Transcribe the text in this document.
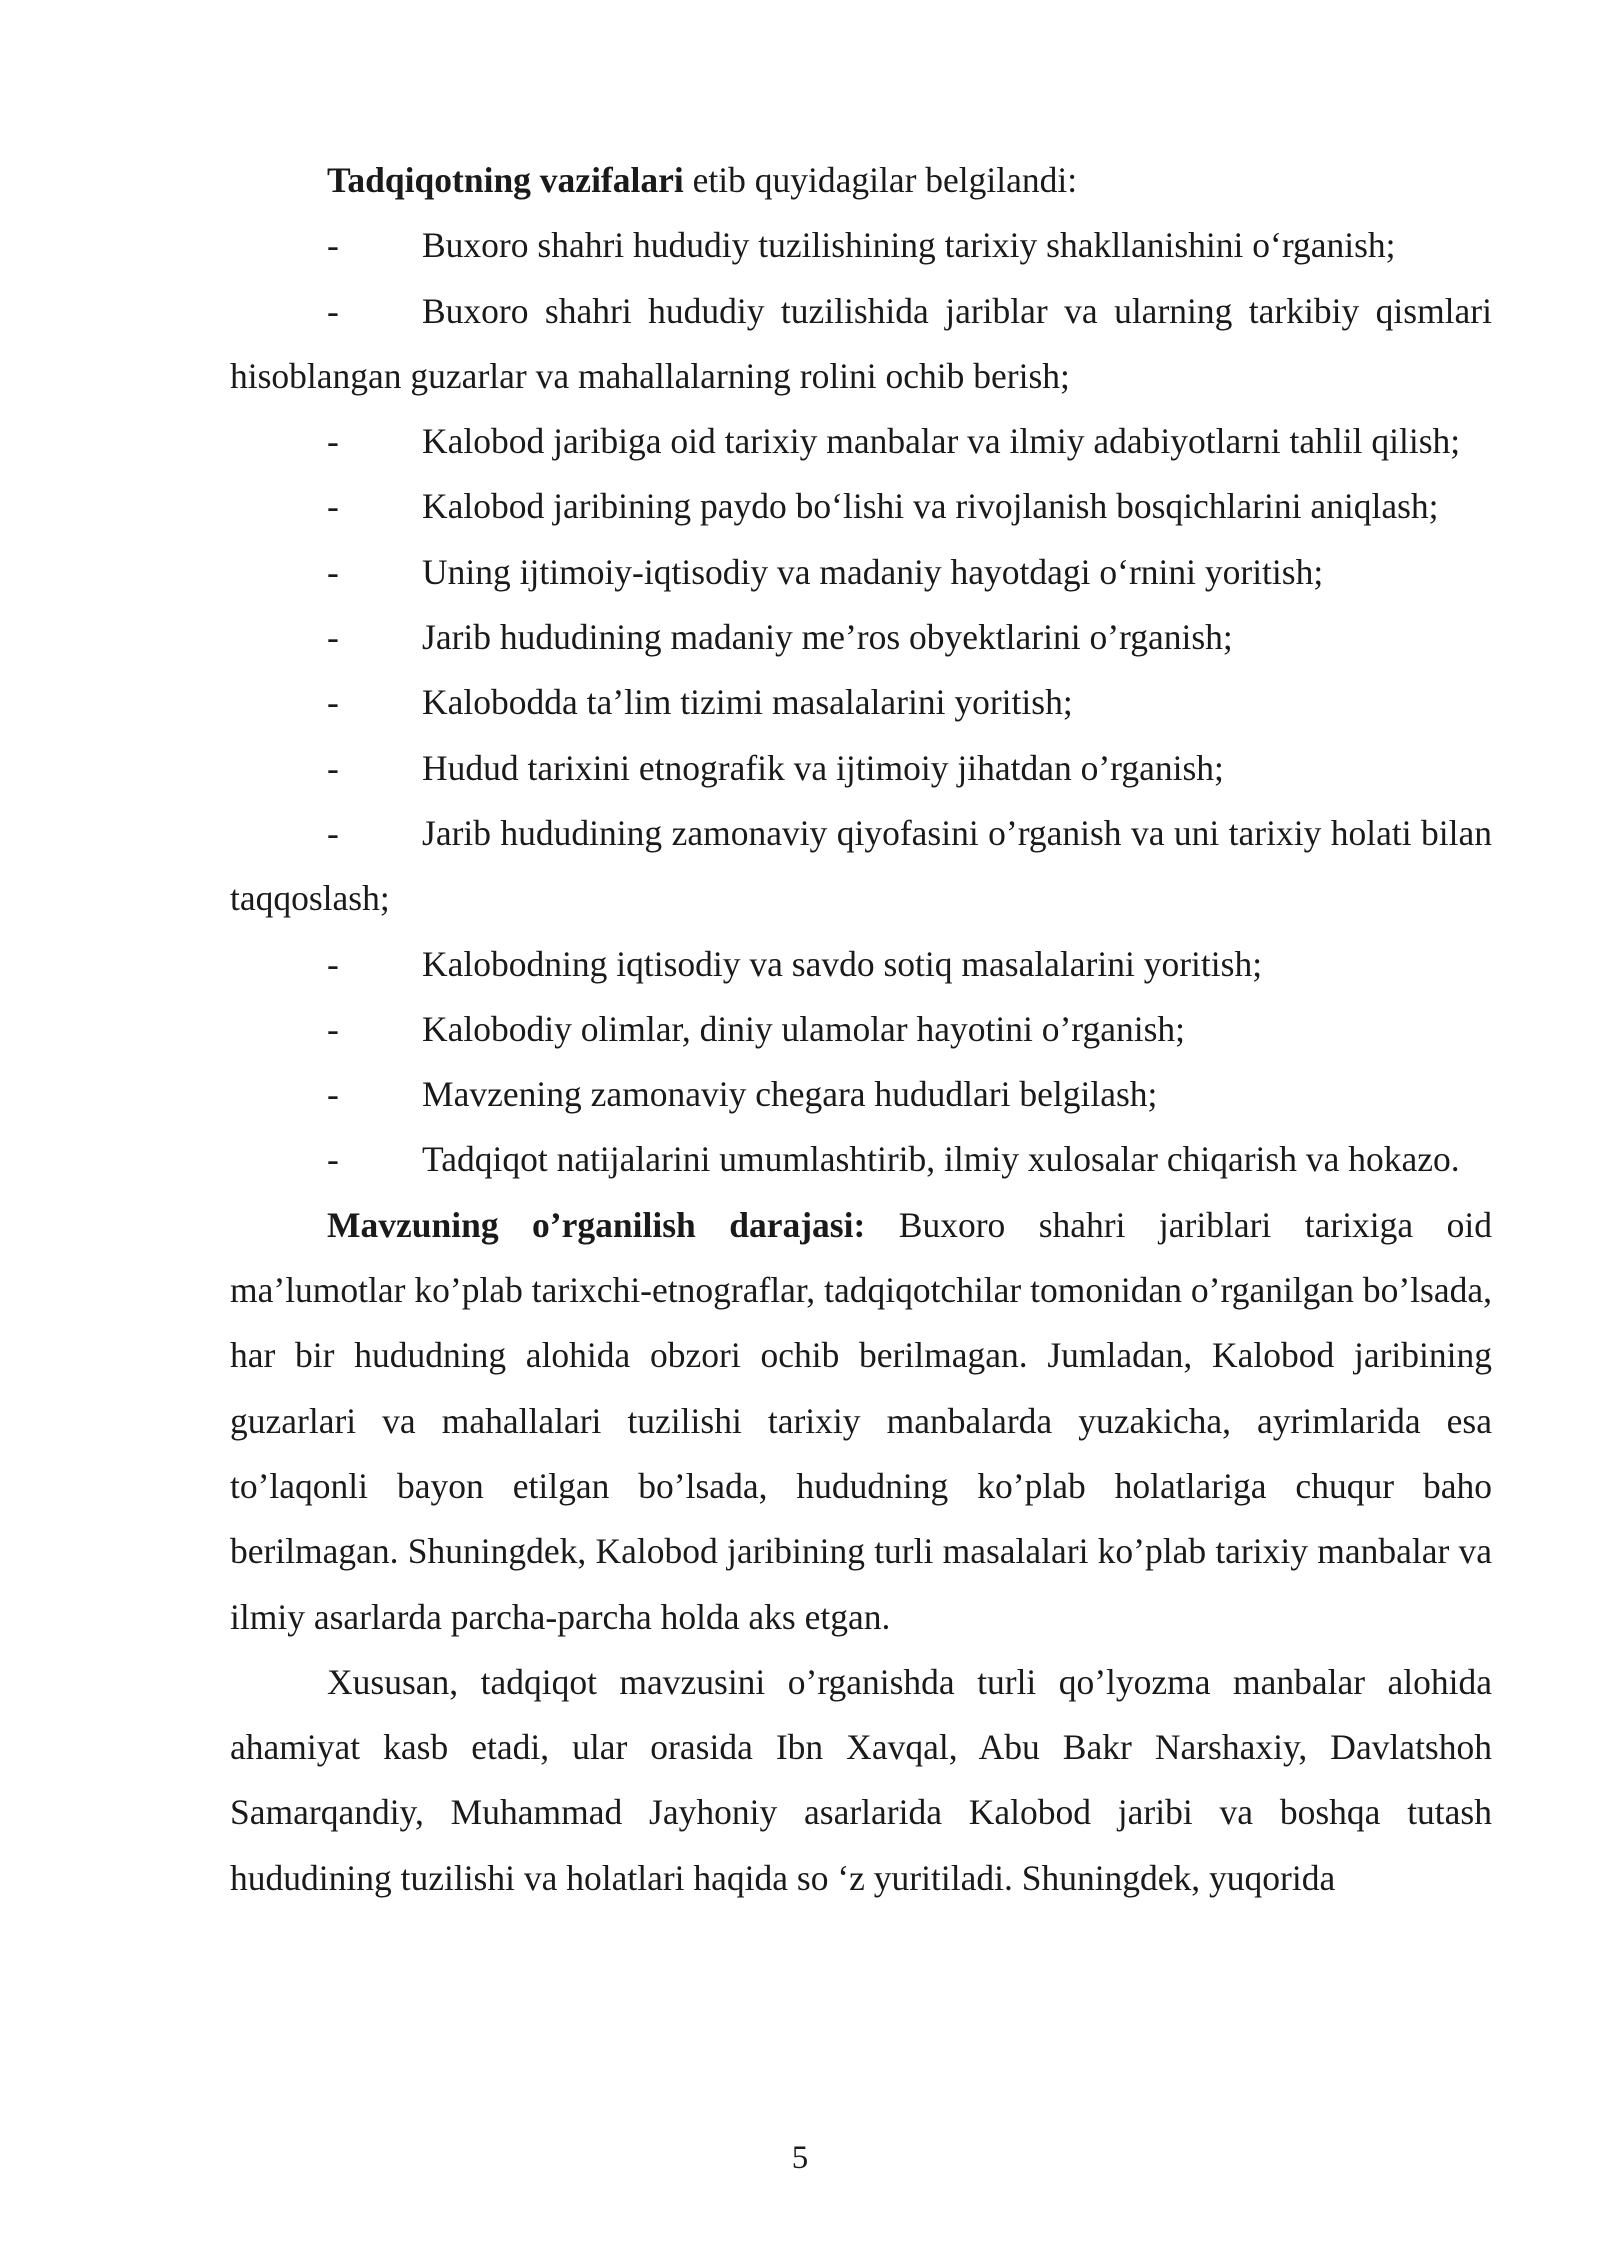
Tadqiqotning vazifalari etib quyidagilar belgilandi:

- Buxoro shahri hududiy tuzilishining tarixiy shakllanishini o‘rganish;

- Buxoro shahri hududiy tuzilishida jariblar va ularning tarkibiy qismlari hisoblangan guzarlar va mahallalarning rolini ochib berish;

- Kalobod jaribiga oid tarixiy manbalar va ilmiy adabiyotlarni tahlil qilish;

- Kalobod jaribining paydo bo‘lishi va rivojlanish bosqichlarini aniqlash;

- Uning ijtimoiy-iqtisodiy va madaniy hayotdagi o‘rnini yoritish;

- Jarib hududining madaniy me’ros obyektlarini o’rganish;

- Kalobodda ta’lim tizimi masalalarini yoritish;

- Hudud tarixini etnografik va ijtimoiy jihatdan o’rganish;

- Jarib hududining zamonaviy qiyofasini o’rganish va uni tarixiy holati bilan taqqoslash;

- Kalobodning iqtisodiy va savdo sotiq masalalarini yoritish;

- Kalobodiy olimlar, diniy ulamolar hayotini o’rganish;

- Mavzening zamonaviy chegara hududlari belgilash;

- Tadqiqot natijalarini umumlashtirib, ilmiy xulosalar chiqarish va hokazo.

Mavzuning o’rganilish darajasi: Buxoro shahri jariblari tarixiga oid ma’lumotlar ko’plab tarixchi-etnograflar, tadqiqotchilar tomonidan o’rganilgan bo’lsada, har bir hududning alohida obzori ochib berilmagan. Jumladan, Kalobod jaribining guzarlari va mahallalari tuzilishi tarixiy manbalarda yuzakicha, ayrimlarida esa to’laqonli bayon etilgan bo’lsada, hududning ko’plab holatlariga chuqur baho berilmagan. Shuningdek, Kalobod jaribining turli masalalari ko’plab tarixiy manbalar va ilmiy asarlarda parcha-parcha holda aks etgan.

Xususan, tadqiqot mavzusini o’rganishda turli qo’lyozma manbalar alohida ahamiyat kasb etadi, ular orasida Ibn Xavqal, Abu Bakr Narshaxiy, Davlatshoh Samarqandiy, Muhammad Jayhoniy asarlarida Kalobod jaribi va boshqa tutash hududining tuzilishi va holatlari haqida so ‘z yuritiladi. Shuningdek, yuqorida

5
